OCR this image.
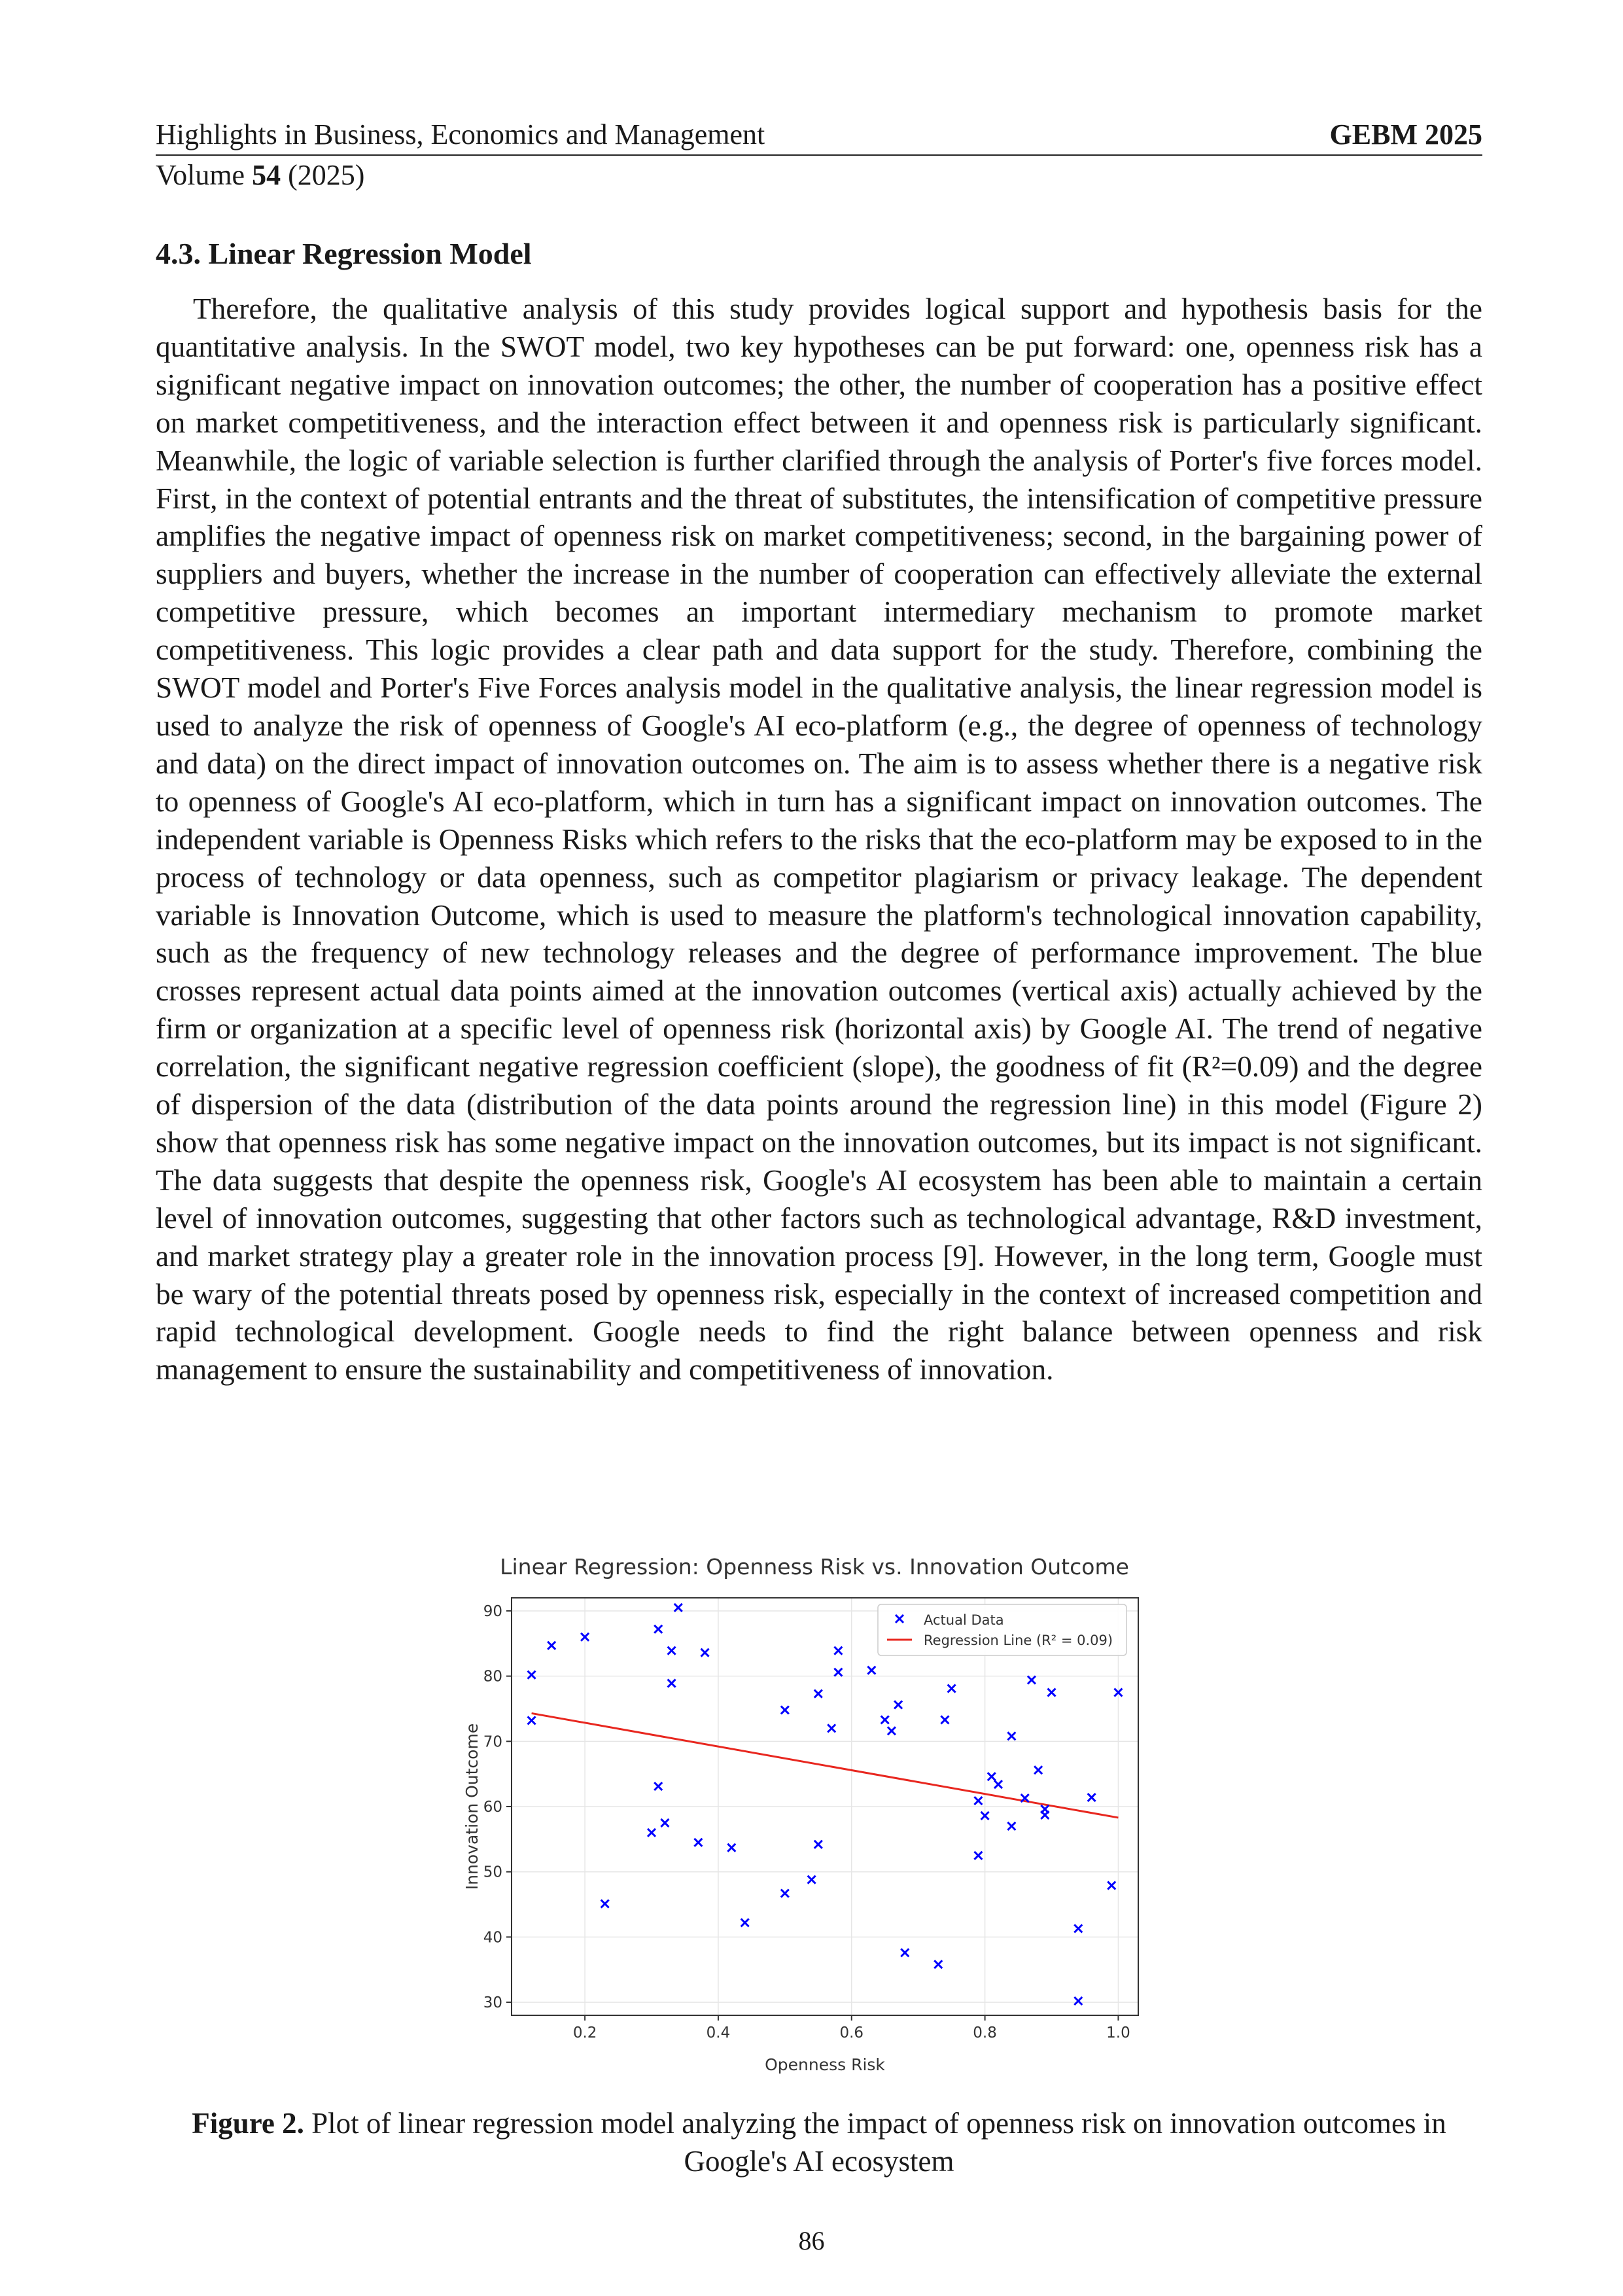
Highlights in Business, Economics and Management	GEBM 2025
Volume 54 (2025)
4.3. Linear Regression Model

Therefore, the qualitative analysis of this study provides logical support and hypothesis basis for the quantitative analysis. In the SWOT model, two key hypotheses can be put forward: one, openness risk has a significant negative impact on innovation outcomes; the other, the number of cooperation has a positive effect on market competitiveness, and the interaction effect between it and openness risk is particularly significant. Meanwhile, the logic of variable selection is further clarified through the analysis of Porter's five forces model. First, in the context of potential entrants and the threat of substitutes, the intensification of competitive pressure amplifies the negative impact of openness risk on market competitiveness; second, in the bargaining power of suppliers and buyers, whether the increase in the number of cooperation can effectively alleviate the external competitive pressure, which becomes an important intermediary mechanism to promote market competitiveness. This logic provides a clear path and data support for the study. Therefore, combining the SWOT model and Porter's Five Forces analysis model in the qualitative analysis, the linear regression model is used to analyze the risk of openness of Google's AI eco-platform (e.g., the degree of openness of technology and data) on the direct impact of innovation outcomes on. The aim is to assess whether there is a negative risk to openness of Google's AI eco-platform, which in turn has a significant impact on innovation outcomes. The independent variable is Openness Risks which refers to the risks that the eco-platform may be exposed to in the process of technology or data openness, such as competitor plagiarism or privacy leakage. The dependent variable is Innovation Outcome, which is used to measure the platform's technological innovation capability, such as the frequency of new technology releases and the degree of performance improvement. The blue crosses represent actual data points aimed at the innovation outcomes (vertical axis) actually achieved by the firm or organization at a specific level of openness risk (horizontal axis) by Google AI. The trend of negative correlation, the significant negative regression coefficient (slope), the goodness of fit (R²=0.09) and the degree of dispersion of the data (distribution of the data points around the regression line) in this model (Figure 2) show that openness risk has some negative impact on the innovation outcomes, but its impact is not significant. The data suggests that despite the openness risk, Google's AI ecosystem has been able to maintain a certain level of innovation outcomes, suggesting that other factors such as technological advantage, R&D investment, and market strategy play a greater role in the innovation process [9]. However, in the long term, Google must be wary of the potential threats posed by openness risk, especially in the context of increased competition and rapid technological development. Google needs to find the right balance between openness and risk management to ensure the sustainability and competitiveness of innovation.

Linear Regression: Openness Risk vs. Innovation Outcome
0.2	0.4	0.6	0.8	1.0
30
40
50
60
70
80
90
Openness Risk
Innovation Outcome
Actual Data
Regression Line (R² = 0.09)
Figure 2. Plot of linear regression model analyzing the impact of openness risk on innovation outcomes in Google's AI ecosystem
86
